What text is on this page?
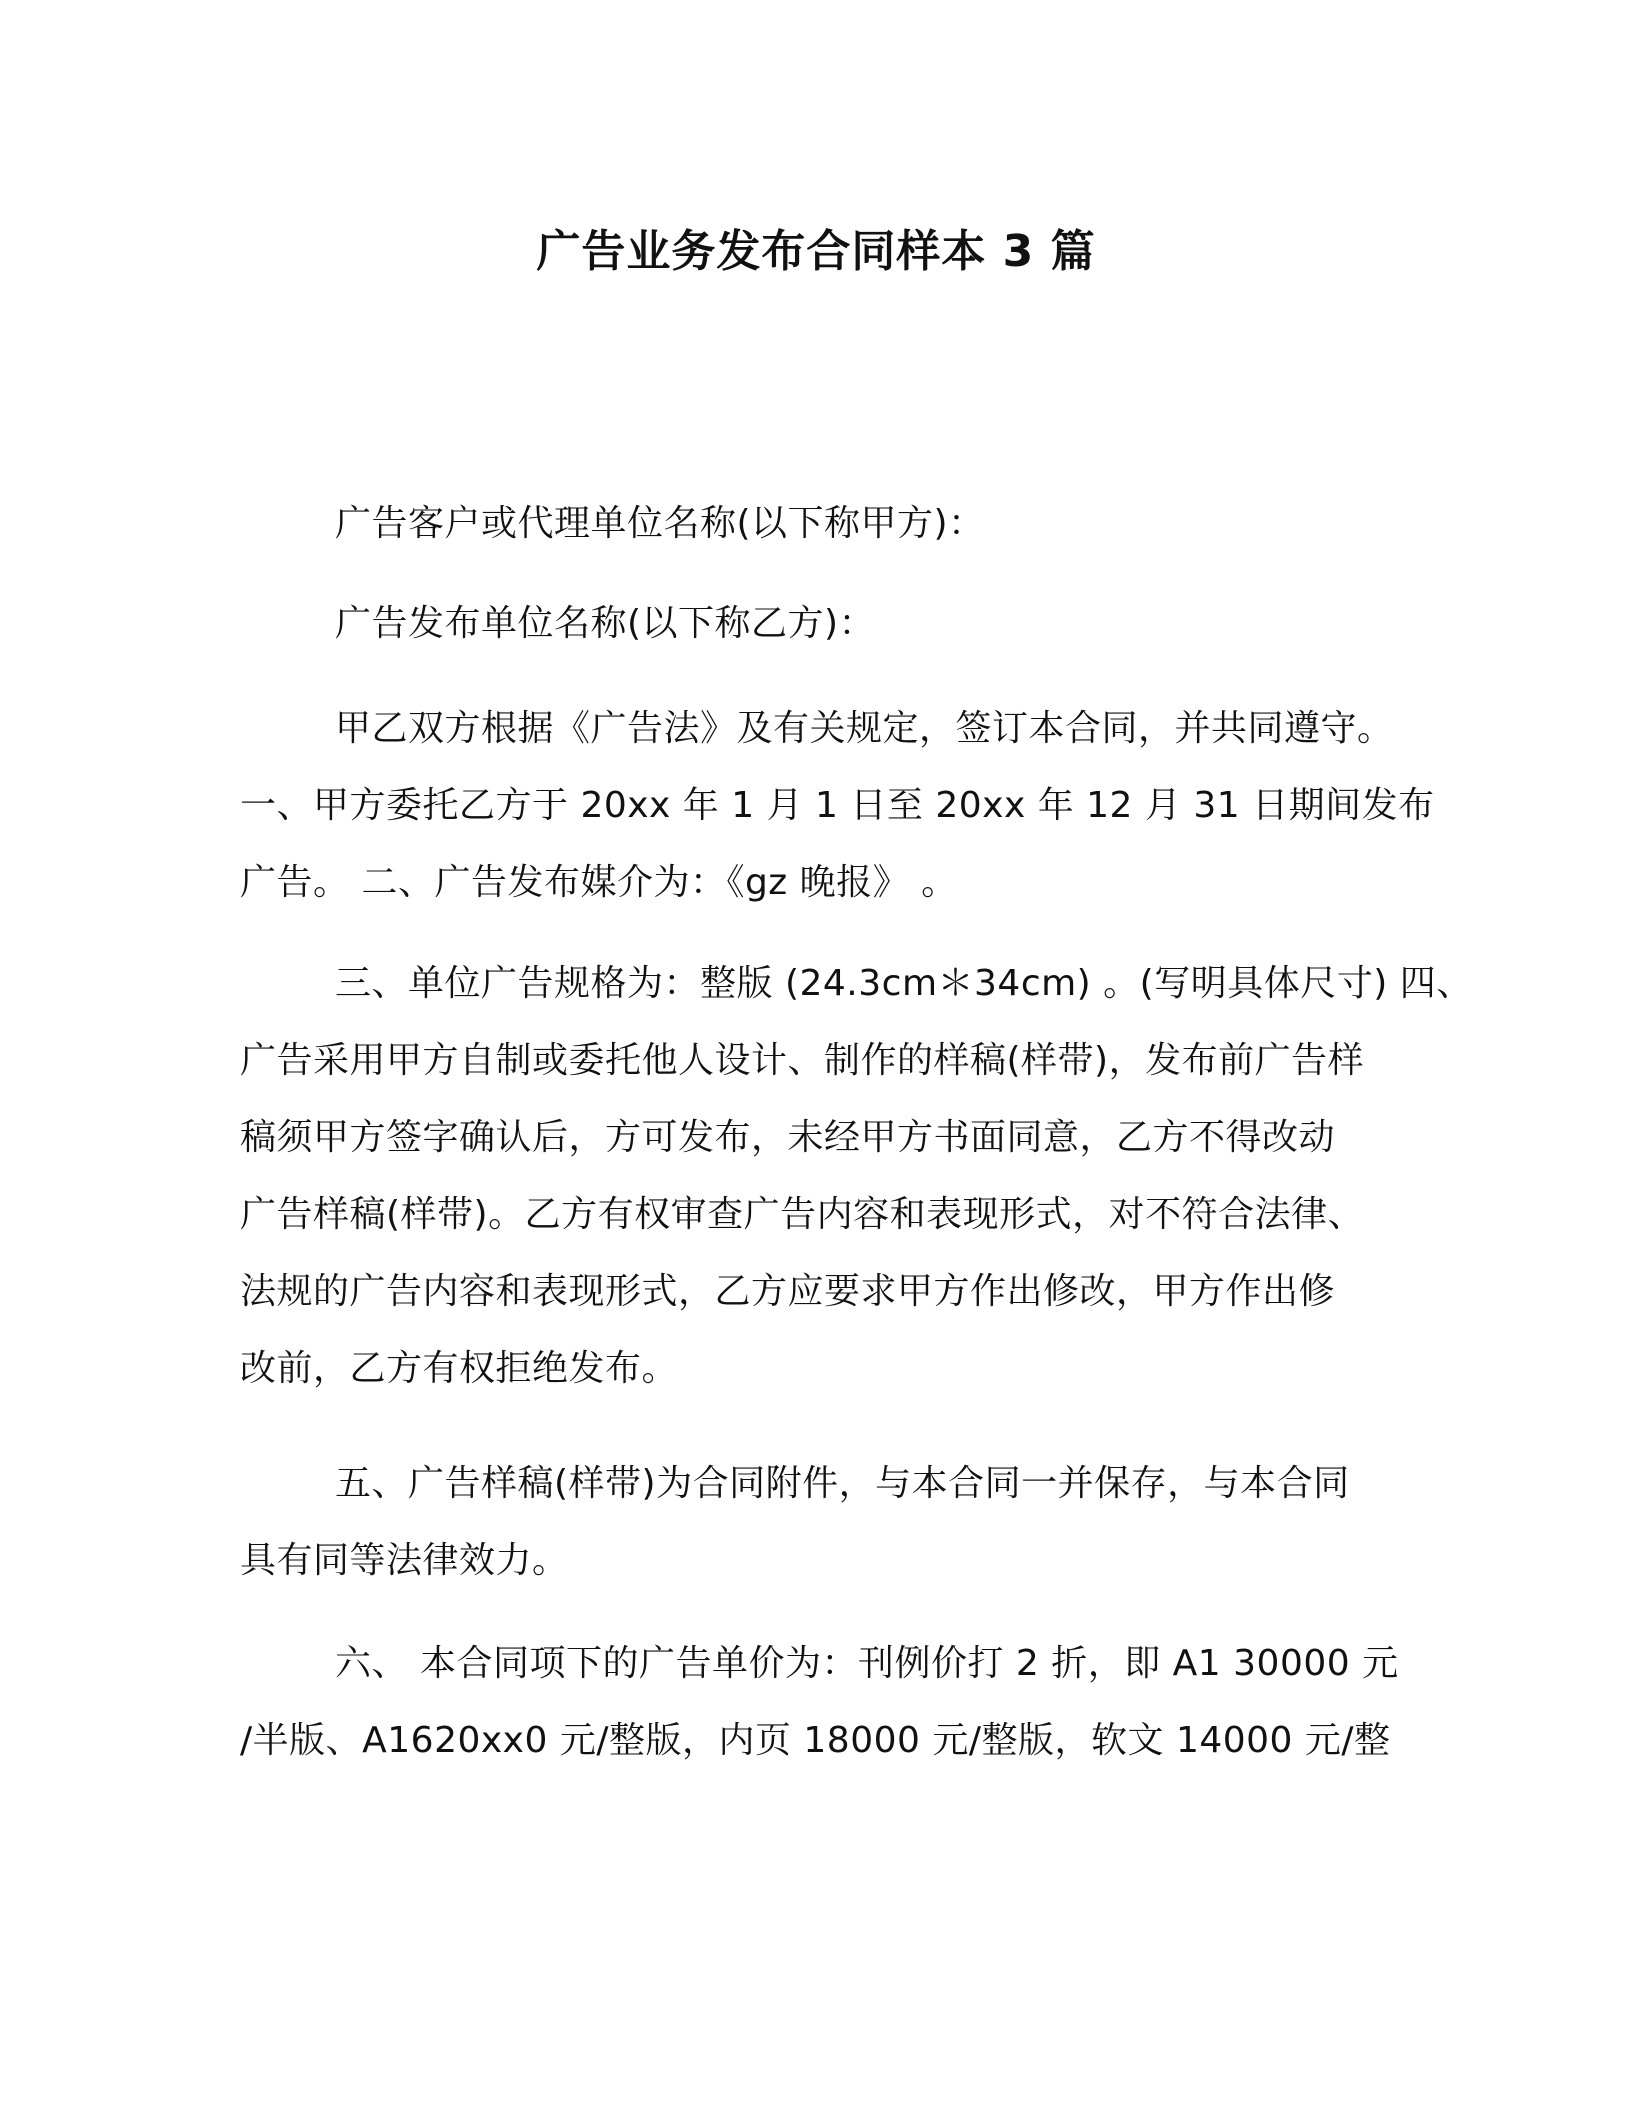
广告业务发布合同样本 3 篇
广告客户或代理单位名称(以下称甲方)：
广告发布单位名称(以下称乙方)：
甲乙双方根据《广告法》及有关规定，签订本合同，并共同遵守。
一、甲方委托乙方于 20xx 年 1 月 1 日至 20xx 年 12 月 31 日期间发布
广告。 二、广告发布媒介为：《gz 晚报》 。
三、单位广告规格为：整版 (24.3cm＊34cm) 。(写明具体尺寸) 四、
广告采用甲方自制或委托他人设计、制作的样稿(样带)，发布前广告样
稿须甲方签字确认后，方可发布，未经甲方书面同意，乙方不得改动
广告样稿(样带)。乙方有权审查广告内容和表现形式，对不符合法律、
法规的广告内容和表现形式，乙方应要求甲方作出修改，甲方作出修
改前，乙方有权拒绝发布。
五、广告样稿(样带)为合同附件，与本合同一并保存，与本合同
具有同等法律效力。
六、 本合同项下的广告单价为：刊例价打 2 折，即 A1 30000 元
/半版、A1620xx0 元/整版，内页 18000 元/整版，软文 14000 元/整
